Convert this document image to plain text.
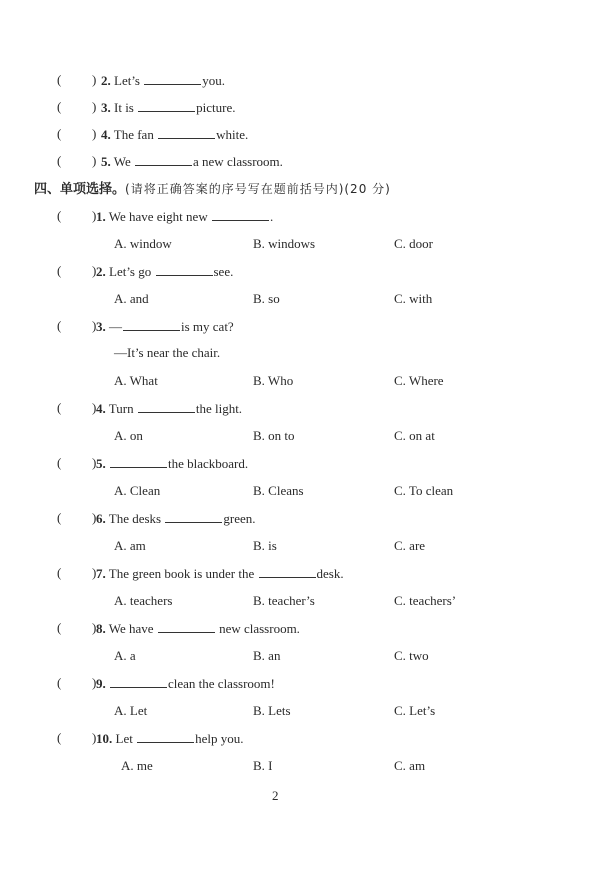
( ) 2. Let’s	you.
( ) 3. It is	picture.
( ) 4. The fan	white.
( ) 5. We	a new classroom.
四、单项选择。(请将正确答案的序号写在题前括号内)(20 分)
( ) 1. We have eight new	.
A. window	B. windows	C. door
( ) 2. Let’s go	see.
A. and	B. so	C. with
( ) 3. —	is my cat?
—It’s near the chair.
A. What	B. Who	C. Where
( ) 4. Turn	the light.
A. on	B. on to	C. on at
( ) 5.	the blackboard.
A. Clean	B. Cleans	C. To clean
( ) 6. The desks	green.
A. am	B. is	C. are
( ) 7. The green book is under the	desk.
A. teachers	B. teacher’s	C. teachers’
( ) 8. We have	new classroom.
A. a	B. an	C. two
( ) 9.	clean the classroom!
A. Let	B. Lets	C. Let’s
( ) 10. Let	help you.
A. me	B. I	C. am
2
